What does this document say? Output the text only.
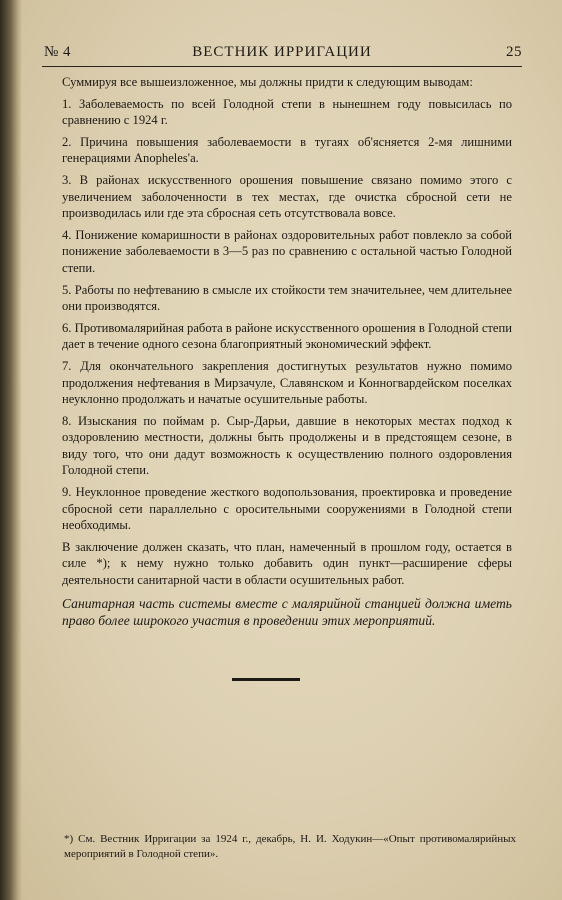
№ 4	ВЕСТНИК ИРРИГАЦИИ	25

Суммируя все вышеизложенное, мы должны придти к следующим выводам:

1. Заболеваемость по всей Голодной степи в нынешнем году повысилась по сравнению с 1924 г.

2. Причина повышения заболеваемости в тугаях об'ясняется 2-мя лишними генерациями Anopheles'а.

3. В районах искусственного орошения повышение связано помимо этого с увеличением заболоченности в тех местах, где очистка сбросной сети не производилась или где эта сбросная сеть отсутствовала вовсе.

4. Понижение комаришности в районах оздоровительных работ повлекло за собой понижение заболеваемости в 3—5 раз по сравнению с остальной частью Голодной степи.

5. Работы по нефтеванию в смысле их стойкости тем значительнее, чем длительнее они производятся.

6. Противомалярийная работа в районе искусственного орошения в Голодной степи дает в течение одного сезона благоприятный экономический эффект.

7. Для окончательного закрепления достигнутых результатов нужно помимо продолжения нефтевания в Мирзачуле, Славянском и Конногвардейском поселках неуклонно продолжать и начатые осушительные работы.

8. Изыскания по поймам р. Сыр-Дарьи, давшие в некоторых местах подход к оздоровлению местности, должны быть продолжены и в предстоящем сезоне, в виду того, что они дадут возможность к осуществлению полного оздоровления Голодной степи.

9. Неуклонное проведение жесткого водопользования, проектировка и проведение сбросной сети параллельно с оросительными сооружениями в Голодной степи необходимы.

В заключение должен сказать, что план, намеченный в прошлом году, остается в силе *); к нему нужно только добавить один пункт—расширение сферы деятельности санитарной части в области осушительных работ.

Санитарная часть системы вместе с малярийной станцией должна иметь право более широкого участия в проведении этих мероприятий.

*) См. Вестник Ирригации за 1924 г., декабрь, Н. И. Ходукин—«Опыт противомалярийных мероприятий в Голодной степи».
